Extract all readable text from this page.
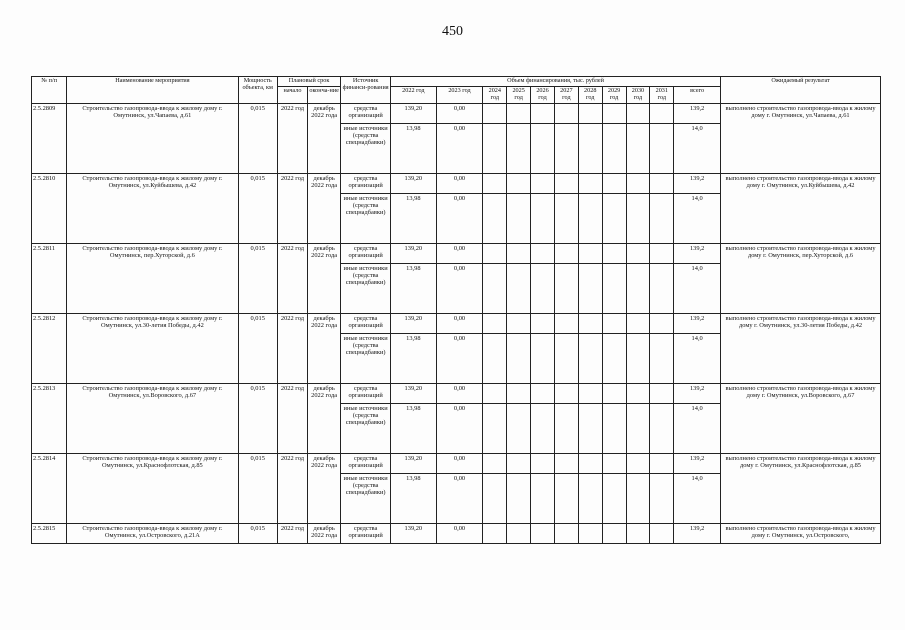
450
№ п/п	Наименование мероприятия	Мощность объекта, км	Плановый срок		Источник финанси-рования	Объем финансирования, тыс. рублей											Ожидаемый результат
			начало	оконча-ние		2022 год	2023 год	2024 год	2025 год	2026 год	2027 год	2028 год	2029 год	2030 год	2031 год	всего	

2.5.2809	Строительство газопровода-ввода к жилому дому г. Омутнинск, ул.Чапаева, д.61	0,015	2022 год	декабрь 2022 года	средства организаций	139,20	0,00									139,2	выполнено строительство газопровода-ввода к жилому дому г. Омутнинск, ул.Чапаева, д.61
					иные источники (средства спецнадбавки)	13,98	0,00									14,0	
2.5.2810	Строительство газопровода-ввода к жилому дому г. Омутнинск, ул.Куйбышева, д.42	0,015	2022 год	декабрь 2022 года	средства организаций	139,20	0,00									139,2	выполнено строительство газопровода-ввода к жилому дому г. Омутнинск, ул.Куйбышева, д.42
					иные источники (средства спецнадбавки)	13,98	0,00									14,0	
2.5.2811	Строительство газопровода-ввода к жилому дому г. Омутнинск, пер.Хуторской, д.6	0,015	2022 год	декабрь 2022 года	средства организаций	139,20	0,00									139,2	выполнено строительство газопровода-ввода к жилому дому г. Омутнинск, пер.Хуторской, д.6
					иные источники (средства спецнадбавки)	13,98	0,00									14,0	
2.5.2812	Строительство газопровода-ввода к жилому дому г. Омутнинск, ул.30-летия Победы, д.42	0,015	2022 год	декабрь 2022 года	средства организаций	139,20	0,00									139,2	выполнено строительство газопровода-ввода к жилому дому г. Омутнинск, ул.30-летия Победы, д.42
					иные источники (средства спецнадбавки)	13,98	0,00									14,0	
2.5.2813	Строительство газопровода-ввода к жилому дому г. Омутнинск, ул.Воровского, д.67	0,015	2022 год	декабрь 2022 года	средства организаций	139,20	0,00									139,2	выполнено строительство газопровода-ввода к жилому дому г. Омутнинск, ул.Воровского, д.67
					иные источники (средства спецнадбавки)	13,98	0,00									14,0	
2.5.2814	Строительство газопровода-ввода к жилому дому г. Омутнинск, ул.Краснофлотская, д.85	0,015	2022 год	декабрь 2022 года	средства организаций	139,20	0,00									139,2	выполнено строительство газопровода-ввода к жилому дому г. Омутнинск, ул.Краснофлотская, д.85
					иные источники (средства спецнадбавки)	13,98	0,00									14,0	
2.5.2815	Строительство газопровода-ввода к жилому дому г. Омутнинск, ул.Островского, д.21А	0,015	2022 год	декабрь 2022 года	средства организаций	139,20	0,00									139,2	выполнено строительство газопровода-ввода к жилому дому г. Омутнинск, ул.Островского,
